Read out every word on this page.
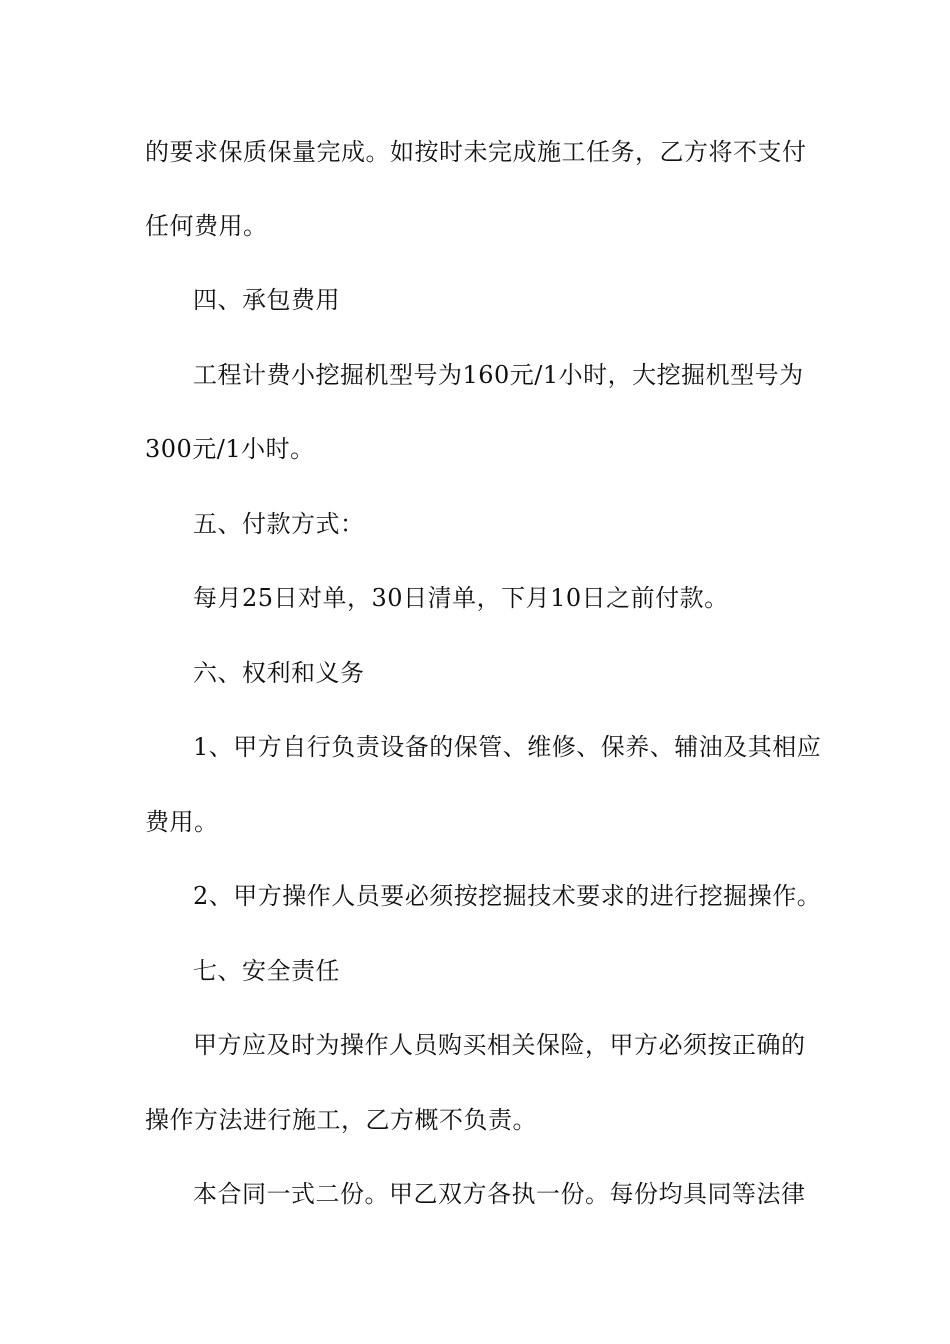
的要求保质保量完成。如按时未完成施工任务，乙方将不支付
任何费用。
四、承包费用
工程计费小挖掘机型号为160元/1小时，大挖掘机型号为
300元/1小时。
五、付款方式：
每月25日对单，30日清单，下月10日之前付款。
六、权利和义务
1、甲方自行负责设备的保管、维修、保养、辅油及其相应
费用。
2、甲方操作人员要必须按挖掘技术要求的进行挖掘操作。
七、安全责任
甲方应及时为操作人员购买相关保险，甲方必须按正确的
操作方法进行施工，乙方概不负责。
本合同一式二份。甲乙双方各执一份。每份均具同等法律
